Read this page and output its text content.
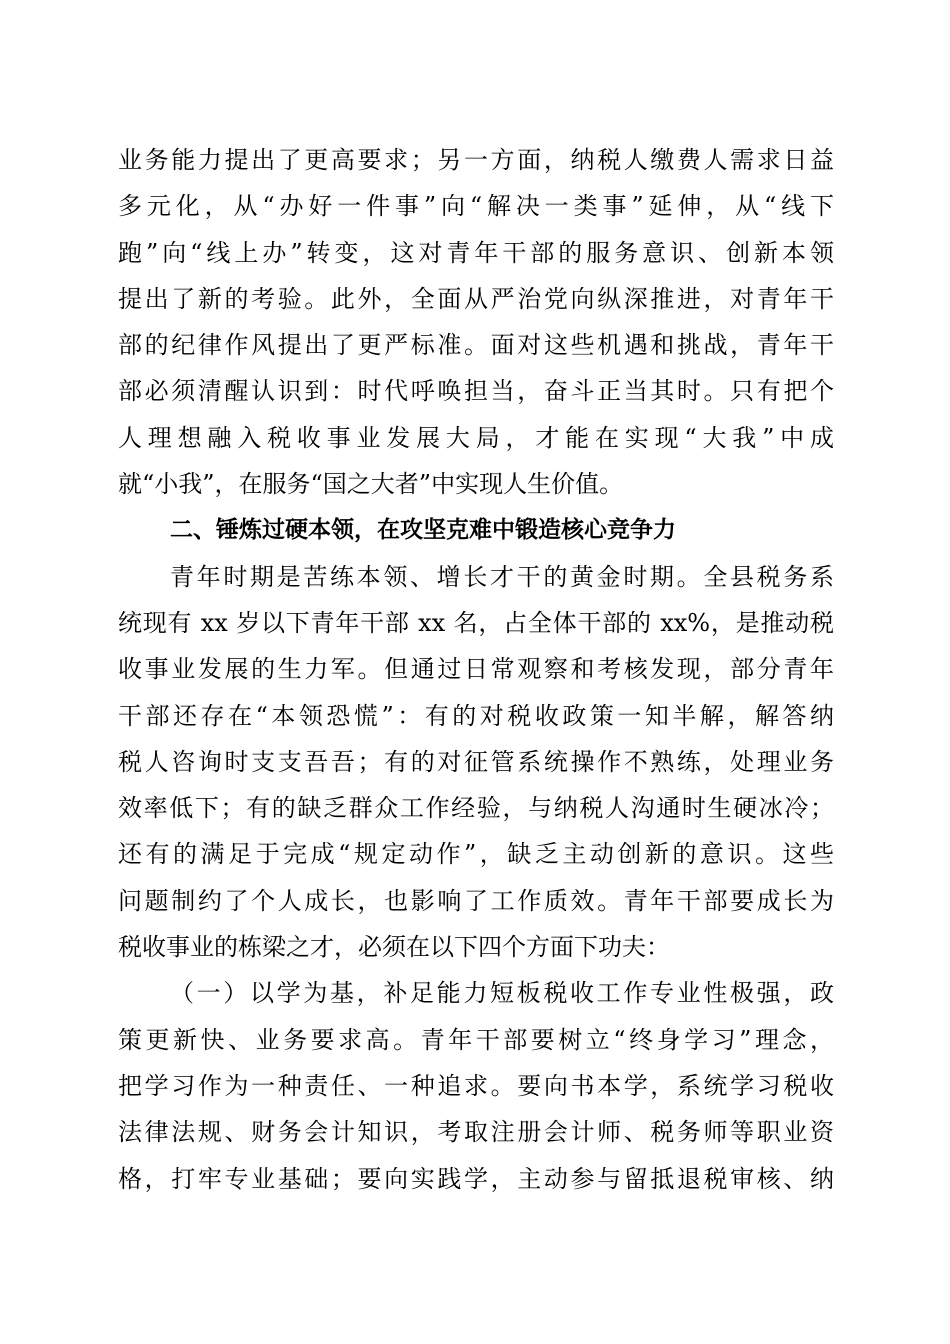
业务能力提出了更高要求；另一方面，纳税人缴费人需求日益
多元化，从“办好一件事”向“解决一类事”延伸，从“线下
跑”向“线上办”转变，这对青年干部的服务意识、创新本领
提出了新的考验。此外，全面从严治党向纵深推进，对青年干
部的纪律作风提出了更严标准。面对这些机遇和挑战，青年干
部必须清醒认识到：时代呼唤担当，奋斗正当其时。只有把个
人理想融入税收事业发展大局，才能在实现“大我”中成
就“小我”，在服务“国之大者”中实现人生价值。
二、锤炼过硬本领，在攻坚克难中锻造核心竞争力
青年时期是苦练本领、增长才干的黄金时期。全县税务系
统现有 xx 岁以下青年干部 xx 名，占全体干部的 xx%，是推动税
收事业发展的生力军。但通过日常观察和考核发现，部分青年
干部还存在“本领恐慌”：有的对税收政策一知半解，解答纳
税人咨询时支支吾吾；有的对征管系统操作不熟练，处理业务
效率低下；有的缺乏群众工作经验，与纳税人沟通时生硬冰冷；
还有的满足于完成“规定动作”，缺乏主动创新的意识。这些
问题制约了个人成长，也影响了工作质效。青年干部要成长为
税收事业的栋梁之才，必须在以下四个方面下功夫：
（一）以学为基，补足能力短板税收工作专业性极强，政
策更新快、业务要求高。青年干部要树立“终身学习”理念，
把学习作为一种责任、一种追求。要向书本学，系统学习税收
法律法规、财务会计知识，考取注册会计师、税务师等职业资
格，打牢专业基础；要向实践学，主动参与留抵退税审核、纳
